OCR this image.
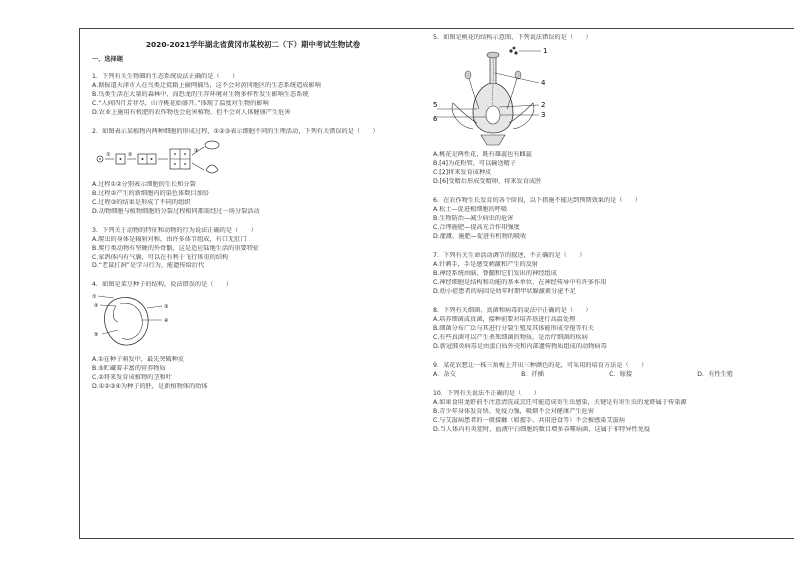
2020-2021学年湖北省黄冈市某校初二（下）期中考试生物试卷
一、选择题

1．下列有关生物圈的生态系统说法正确的是（　　）

A.据报道天津市人在鸟类迁徙路上偷网捕鸟，这不会对黄冈地区的生态系统造成影响

B.鸟类生活在大量的森林中，而恐龙的生存环境对生物多样性发生影响生态系统

C.“人间四月芳菲尽，山寺桃花始盛开。”体现了温度对生物的影响

D.农业上施用有机肥的农作物也会危害植物，但不会对人体健康产生危害

2．如图表示某植物内两种细胞的形成过程，①②③表示细胞不同的生理活动，下列有关错误的是（　　）

①	②
③

A.过程①②分别表示细胞的生长和分裂

B.过程②产生的新细胞内的染色体数目加倍

C.过程③的结果是形成了不同的组织

D.动物细胞与植物细胞的分裂过程相同都需经过一场分裂活动

3．下列关于动物的特征和动物的行为说法正确的是（　　）

A.爬虫的身体是辐射对称，由许多体节组成，有口无肛门

B.爬行类动物有坚硬的外骨骼，这是适应陆地生活的重要特征

C.家鸽体内有气囊，可以在有利于飞行体重的结构

D.“老鼠打洞”是学习行为，能遗传给后代

4．如图是菜豆种子的结构，说法错误的是（　　）

①
②	③
④
⑤

A.①在种子萌发中，最先突破种皮

B.⑤贮藏着丰富的营养物质

C.②将来发育成植物的茎和叶

D.①②③④为种子的胚，是新植物体的幼体

5．如图是桃花的结构示意图，下列说法错误的是（　　）

1
2
3
4
5
6

A.桃花是两性花，既有雄蕊也有雌蕊

B.[4]为花粉管，可以输送精子

C.[2]将来发育成种皮

D.[6]受精后形成受精卵，将来发育成胚

6．在农作物生长发育的各个阶段，以下措施不能达到预期效果的是（　　）

A.松土—促进根细胞的呼吸

B.生物防治—减少病虫的危害

C.合理施肥—提高光合作用强度

D.灌溉、施肥—促进有机物的吸收

7．下列有关生命活动调节的叙述，不正确的是（　　）

A.针刺手，手是感受刺激和产生的反射

B.神经系统由脑、脊髓和它们发出的神经组成

C.神经细胞是结构和功能的基本单位，在神经传导中有许多作用

D.幼小症患者的病因是幼年时期甲状腺激素分泌不足

8．下列有关细菌、真菌和病毒的说法中正确的是（　　）

A.培养细菌或真菌，接种前要对培养基进行高温处理

B.细菌分布广泛与其进行分裂生殖及其体能形成芽孢等有关

C.有些真菌可以产生杀死细菌的物质，是治疗细菌的疾病

D.新冠肺炎病毒是由蛋白质外壳和内部遗传物质组成的动物病毒

9．某花农想让一株三角梅上开出三种颜色的花，可采用的培育方法是（　　）

A．杂交	B．扦插	C．嫁接	D．有性生殖

10．下列有关说法不正确的是（　　）

A.如果食用龙虾前不注意清洗或烹饪可能造成寄生虫感染，关键是有寄生虫的龙虾属于传染源

B.青少年身体发育快、免疫力强，吸烟不会对健康产生危害

C.与艾滋病患者的一般接触（如握手、共用进食等）不会被感染艾滋病

D.当人体内有炎症时，血液中白细胞的数目增多吞噬病菌，这属于非特异性免疫
